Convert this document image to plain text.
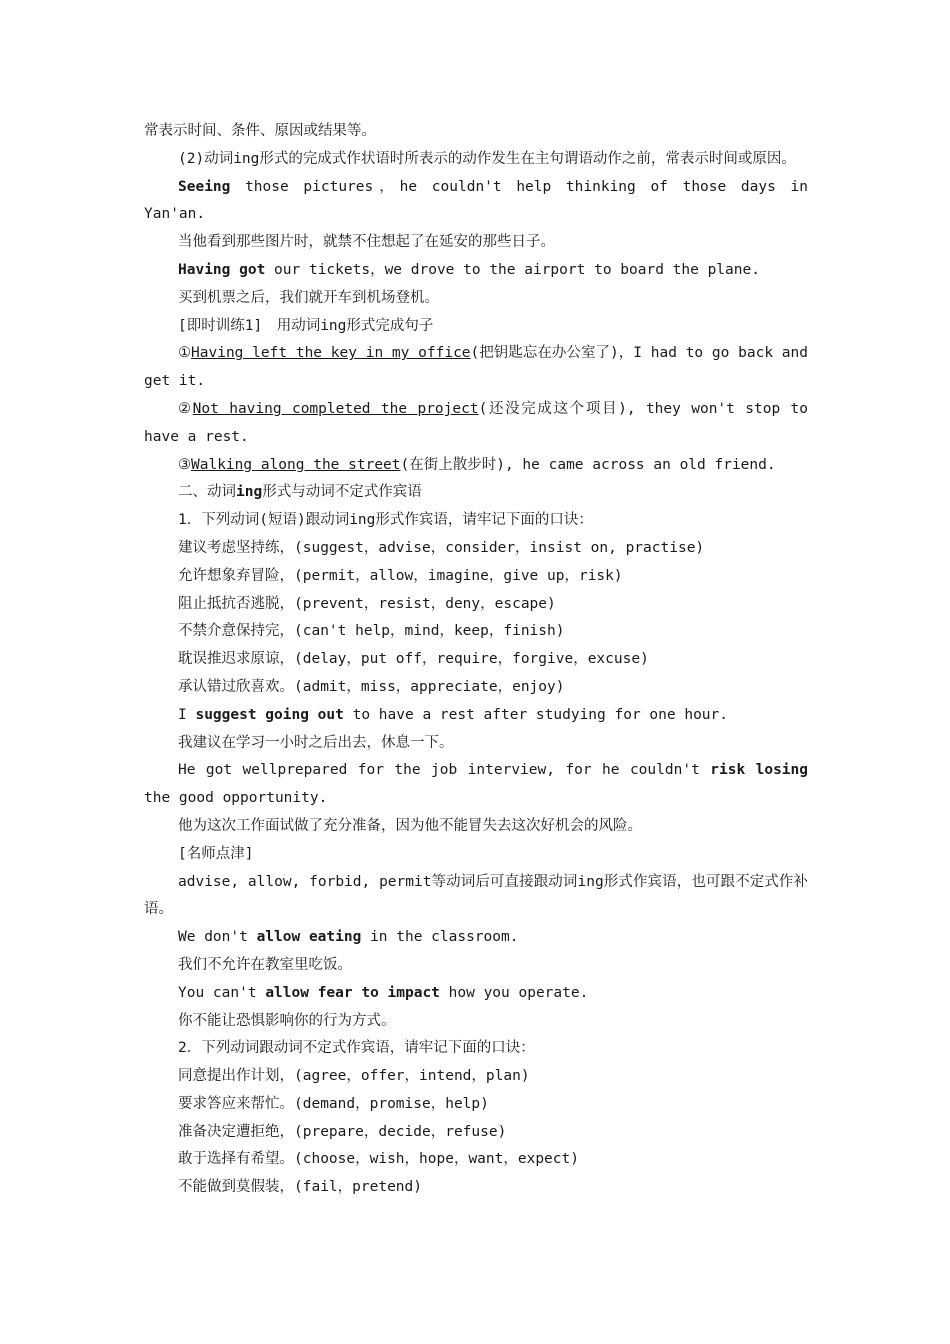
常表示时间、条件、原因或结果等。

(2)动词ing形式的完成式作状语时所表示的动作发生在主句谓语动作之前，常表示时间或原因。

Seeing those pictures，he couldn't help thinking of those days in Yan'an.

当他看到那些图片时，就禁不住想起了在延安的那些日子。

Having got our tickets，we drove to the airport to board the plane.

买到机票之后，我们就开车到机场登机。

[即时训练1]　用动词ing形式完成句子

①Having left the key in my office(把钥匙忘在办公室了)，I had to go back and get it.

②Not having completed the project(还没完成这个项目), they won't stop to have a rest.

③Walking along the street(在街上散步时), he came across an old friend.

二、动词ing形式与动词不定式作宾语

1．下列动词(短语)跟动词ing形式作宾语，请牢记下面的口诀：

建议考虑坚持练，(suggest，advise，consider，insist on, practise)

允许想象弃冒险，(permit，allow，imagine，give up，risk)

阻止抵抗否逃脱，(prevent，resist，deny，escape)

不禁介意保持完，(can't help，mind，keep，finish)

耽误推迟求原谅，(delay，put off，require，forgive，excuse)

承认错过欣喜欢。(admit，miss，appreciate，enjoy)

I suggest going out to have a rest after studying for one hour.

我建议在学习一小时之后出去，休息一下。

He got wellprepared for the job interview, for he couldn't risk losing the good opportunity.

他为这次工作面试做了充分准备，因为他不能冒失去这次好机会的风险。

[名师点津]

advise, allow, forbid, permit等动词后可直接跟动词ing形式作宾语，也可跟不定式作补语。

We don't allow eating in the classroom.

我们不允许在教室里吃饭。

You can't allow fear to impact how you operate.

你不能让恐惧影响你的行为方式。

2．下列动词跟动词不定式作宾语，请牢记下面的口诀：

同意提出作计划，(agree，offer，intend，plan)

要求答应来帮忙。(demand，promise，help)

准备决定遭拒绝，(prepare，decide，refuse)

敢于选择有希望。(choose，wish，hope，want，expect)

不能做到莫假装，(fail，pretend)
